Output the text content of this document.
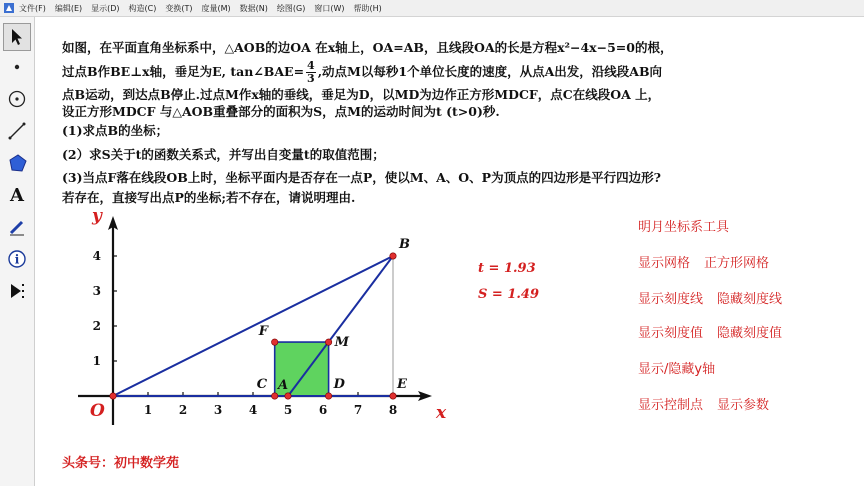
文件(F) 编辑(E) 显示(D) 构造(C) 变换(T) 度量(M) 数据(N) 绘图(G) 窗口(W) 帮助(H)
A
i
如图，在平面直角坐标系中，△AOB的边OA 在x轴上，OA=AB，且线段OA的长是方程x²−4x−5=0的根，
过点B作BE⊥x轴，垂足为E, tan∠BAE= $\frac{4}{3}$ ,动点M以每秒1个单位长度的速度，从点A出发，沿线段AB向
点B运动，到达点B停止.过点M作x轴的垂线，垂足为D，以MD为边作正方形MDCF，点C在线段OA 上，
设正方形MDCF 与△AOB重叠部分的面积为S，点M的运动时间为t (t>0)秒.
(1)求点B的坐标；
(2）求S关于t的函数关系式，并写出自变量t的取值范围；
(3)当点F落在线段OB上时，坐标平面内是否存在一点P，使以M、A、O、P为顶点的四边形是平行四边形?
若存在，直接写出点P的坐标;若不存在，请说明理由.
1 2 3 4 5 6 7 8
1
2
3
4
x
y
O
A
B
E
M
D
C
F
t = 1.93
S = 1.49
明月坐标系工具
显示网格 正方形网格
显示刻度线 隐藏刻度线
显示刻度值 隐藏刻度值
显示/隐藏y轴
显示控制点 显示参数
头条号：初中数学苑
